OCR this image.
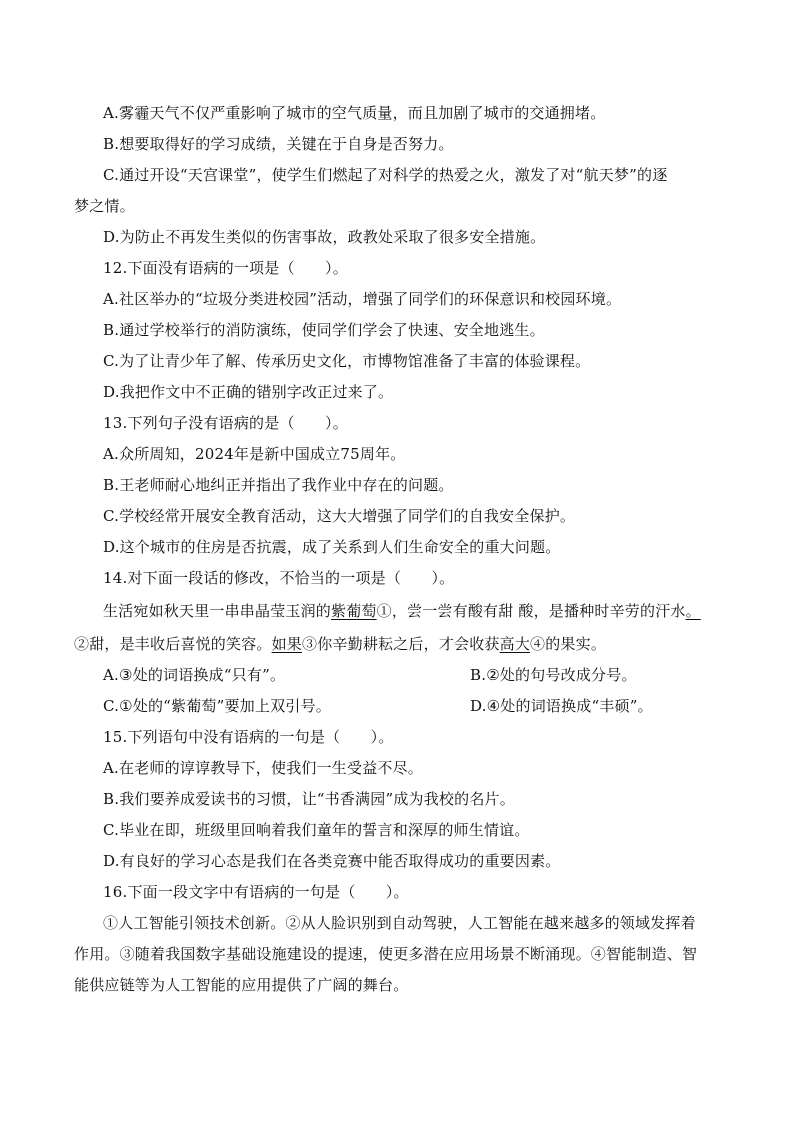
A.雾霾天气不仅严重影响了城市的空气质量，而且加剧了城市的交通拥堵。
B.想要取得好的学习成绩，关键在于自身是否努力。
C.通过开设“天宫课堂”，使学生们燃起了对科学的热爱之火，激发了对“航天梦”的逐
梦之情。
D.为防止不再发生类似的伤害事故，政教处采取了很多安全措施。
12.下面没有语病的一项是（　　）。
A.社区举办的“垃圾分类进校园”活动，增强了同学们的环保意识和校园环境。
B.通过学校举行的消防演练，使同学们学会了快速、安全地逃生。
C.为了让青少年了解、传承历史文化，市博物馆准备了丰富的体验课程。
D.我把作文中不正确的错别字改正过来了。
13.下列句子没有语病的是（　　）。
A.众所周知，2024年是新中国成立75周年。
B.王老师耐心地纠正并指出了我作业中存在的问题。
C.学校经常开展安全教育活动，这大大增强了同学们的自我安全保护。
D.这个城市的住房是否抗震，成了关系到人们生命安全的重大问题。
14.对下面一段话的修改，不恰当的一项是（　　）。
生活宛如秋天里一串串晶莹玉润的紫葡萄①，尝一尝有酸有甜 酸，是播种时辛劳的汗水。
②甜，是丰收后喜悦的笑容。如果③你辛勤耕耘之后，才会收获高大④的果实。
A.③处的词语换成“只有”。	B.②处的句号改成分号。
C.①处的“紫葡萄”要加上双引号。	D.④处的词语换成“丰硕”。
15.下列语句中没有语病的一句是（　　）。
A.在老师的谆谆教导下，使我们一生受益不尽。
B.我们要养成爱读书的习惯，让“书香满园”成为我校的名片。
C.毕业在即，班级里回响着我们童年的誓言和深厚的师生情谊。
D.有良好的学习心态是我们在各类竞赛中能否取得成功的重要因素。
16.下面一段文字中有语病的一句是（　　）。
①人工智能引领技术创新。②从人脸识别到自动驾驶，人工智能在越来越多的领域发挥着
作用。③随着我国数字基础设施建设的提速，使更多潜在应用场景不断涌现。④智能制造、智
能供应链等为人工智能的应用提供了广阔的舞台。
